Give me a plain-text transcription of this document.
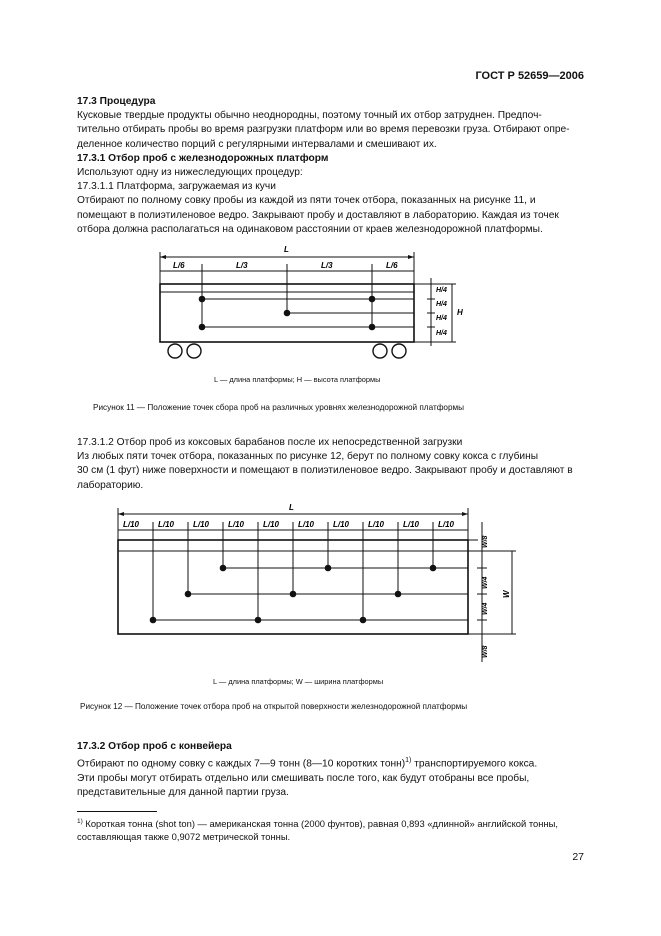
ГОСТ Р 52659—2006
17.3 Процедура
Кусковые твердые продукты обычно неоднородны, поэтому точный их отбор затруднен. Предпоч-
тительно отбирать пробы во время разгрузки платформ или во время перевозки груза. Отбирают опре-
деленное количество порций с регулярными интервалами и смешивают их.
17.3.1 Отбор проб с железнодорожных платформ
Используют одну из нижеследующих процедур:
17.3.1.1 Платформа, загружаемая из кучи
Отбирают по полному совку пробы из каждой из пяти точек отбора, показанных на рисунке 11, и
помещают в полиэтиленовое ведро. Закрывают пробу и доставляют в лабораторию. Каждая из точек
отбора должна располагаться на одинаковом расстоянии от краев железнодорожной платформы.
L
L/6	L/3	L/3	L/6
H/4
H/4
H/4
H/4
H
L — длина платформы; H — высота платформы
Рисунок 11 — Положение точек сбора проб на различных уровнях железнодорожной платформы
17.3.1.2 Отбор проб из коксовых барабанов после их непосредственной загрузки
Из любых пяти точек отбора, показанных по рисунке 12, берут по полному совку кокса с глубины
30 см (1 фут) ниже поверхности и помещают в полиэтиленовое ведро. Закрывают пробу и доставляют в
лабораторию.
L
L/10 L/10 L/10 L/10 L/10 L/10 L/10 L/10 L/10 L/10
W/8
W/4
W/4
W/8
W
L — длина платформы; W — ширина платформы
Рисунок 12 — Положение точек отбора проб на открытой поверхности железнодорожной платформы
17.3.2 Отбор проб с конвейера
Отбирают по одному совку с каждых 7—9 тонн (8—10 коротких тонн)$^{1)}$ транспортируемого кокса.
Эти пробы могут отбирать отдельно или смешивать после того, как будут отобраны все пробы,
представительные для данной партии груза.
$^{1)}$ Короткая тонна (shot ton) — американская тонна (2000 фунтов), равная 0,893 «длинной» английской тонны,
составляющая также 0,9072 метрической тонны.
27
